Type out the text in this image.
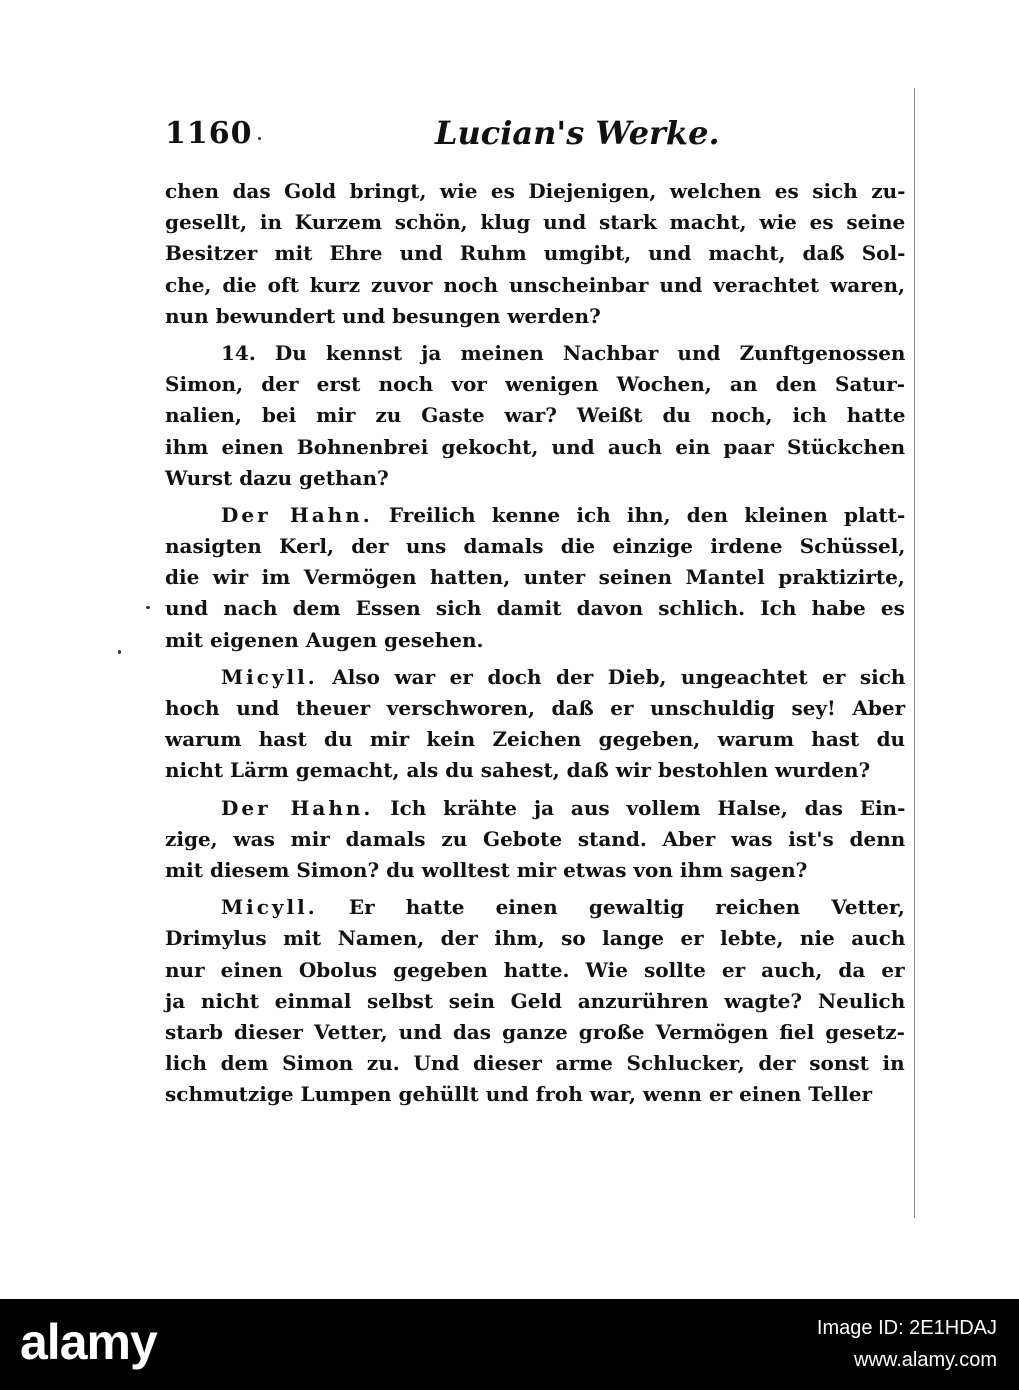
1160	Lucian's Werke.
chen das Gold bringt, wie es Diejenigen, welchen es sich zu-
gesellt, in Kurzem schön, klug und stark macht, wie es seine
Besitzer mit Ehre und Ruhm umgibt, und macht, daß Sol-
che, die oft kurz zuvor noch unscheinbar und verachtet waren,
nun bewundert und besungen werden?
14. Du kennst ja meinen Nachbar und Zunftgenossen
Simon, der erst noch vor wenigen Wochen, an den Satur-
nalien, bei mir zu Gaste war? Weißt du noch, ich hatte
ihm einen Bohnenbrei gekocht, und auch ein paar Stückchen
Wurst dazu gethan?
Der Hahn. Freilich kenne ich ihn, den kleinen platt-
nasigten Kerl, der uns damals die einzige irdene Schüssel,
die wir im Vermögen hatten, unter seinen Mantel praktizirte,
und nach dem Essen sich damit davon schlich. Ich habe es
mit eigenen Augen gesehen.
Micyll. Also war er doch der Dieb, ungeachtet er sich
hoch und theuer verschworen, daß er unschuldig sey! Aber
warum hast du mir kein Zeichen gegeben, warum hast du
nicht Lärm gemacht, als du sahest, daß wir bestohlen wurden?
Der Hahn. Ich krähte ja aus vollem Halse, das Ein-
zige, was mir damals zu Gebote stand. Aber was ist's denn
mit diesem Simon? du wolltest mir etwas von ihm sagen?
Micyll. Er hatte einen gewaltig reichen Vetter,
Drimylus mit Namen, der ihm, so lange er lebte, nie auch
nur einen Obolus gegeben hatte. Wie sollte er auch, da er
ja nicht einmal selbst sein Geld anzurühren wagte? Neulich
starb dieser Vetter, und das ganze große Vermögen fiel gesetz-
lich dem Simon zu. Und dieser arme Schlucker, der sonst in
schmutzige Lumpen gehüllt und froh war, wenn er einen Teller
alamy	Image ID: 2E1HDAJ
www.alamy.com
